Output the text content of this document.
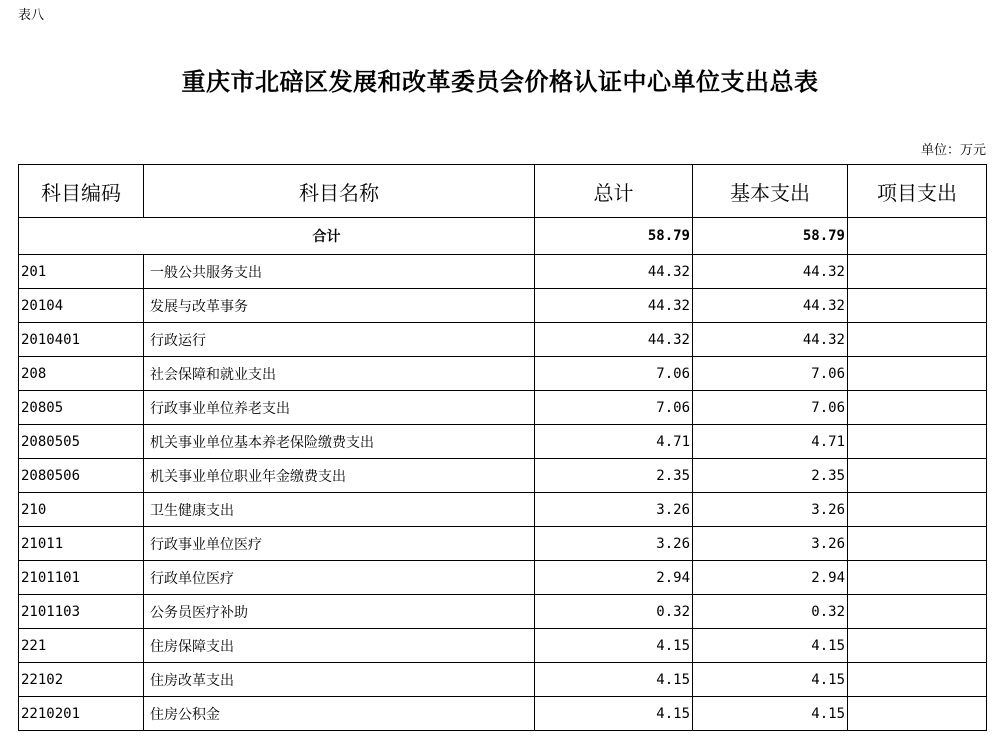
表八
重庆市北碚区发展和改革委员会价格认证中心单位支出总表
单位：万元
科目编码	科目名称	总计	基本支出	项目支出
合计		58.79	58.79	
201	一般公共服务支出	44.32	44.32	
20104	发展与改革事务	44.32	44.32	
2010401	行政运行	44.32	44.32	
208	社会保障和就业支出	7.06	7.06	
20805	行政事业单位养老支出	7.06	7.06	
2080505	机关事业单位基本养老保险缴费支出	4.71	4.71	
2080506	机关事业单位职业年金缴费支出	2.35	2.35	
210	卫生健康支出	3.26	3.26	
21011	行政事业单位医疗	3.26	3.26	
2101101	行政单位医疗	2.94	2.94	
2101103	公务员医疗补助	0.32	0.32	
221	住房保障支出	4.15	4.15	
22102	住房改革支出	4.15	4.15	
2210201	住房公积金	4.15	4.15	
